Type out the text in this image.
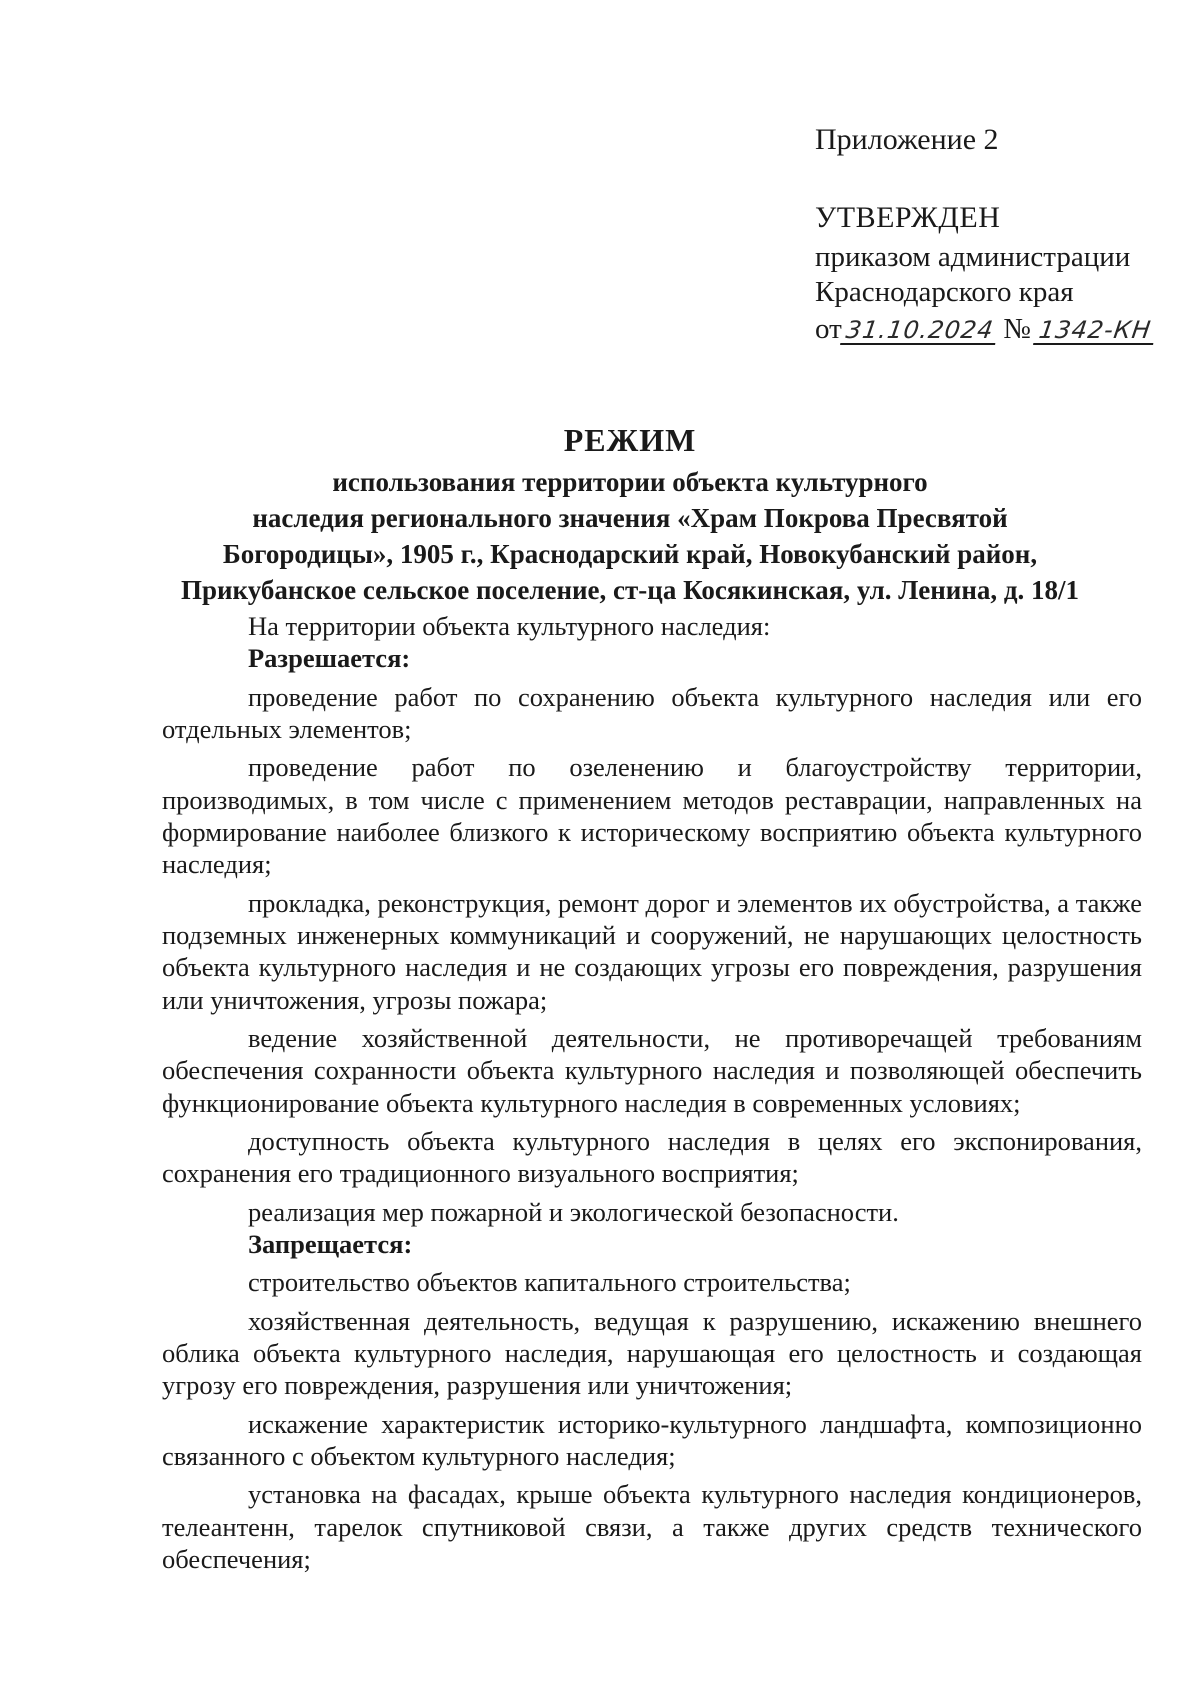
Приложение 2
УТВЕРЖДЕН
приказом администрации
Краснодарского края
от 31.10.2024 № 1342-КН
РЕЖИМ
использования территории объекта культурного
наследия регионального значения «Храм Покрова Пресвятой
Богородицы», 1905 г., Краснодарский край, Новокубанский район,
Прикубанское сельское поселение, ст-ца Косякинская, ул. Ленина, д. 18/1
На территории объекта культурного наследия:
Разрешается:

проведение работ по сохранению объекта культурного наследия или его отдельных элементов;

проведение работ по озеленению и благоустройству территории, производимых, в том числе с применением методов реставрации, направленных на формирование наиболее близкого к историческому восприятию объекта культурного наследия;

прокладка, реконструкция, ремонт дорог и элементов их обустройства, а также подземных инженерных коммуникаций и сооружений, не нарушающих целостность объекта культурного наследия и не создающих угрозы его повреждения, разрушения или уничтожения, угрозы пожара;

ведение хозяйственной деятельности, не противоречащей требованиям обеспечения сохранности объекта культурного наследия и позволяющей обеспечить функционирование объекта культурного наследия в современных условиях;

доступность объекта культурного наследия в целях его экспонирования, сохранения его традиционного визуального восприятия;

реализация мер пожарной и экологической безопасности.

Запрещается:

строительство объектов капитального строительства;

хозяйственная деятельность, ведущая к разрушению, искажению внешнего облика объекта культурного наследия, нарушающая его целостность и создающая угрозу его повреждения, разрушения или уничтожения;

искажение характеристик историко-культурного ландшафта, композиционно связанного с объектом культурного наследия;

установка на фасадах, крыше объекта культурного наследия кондиционеров, телеантенн, тарелок спутниковой связи, а также других средств технического обеспечения;
